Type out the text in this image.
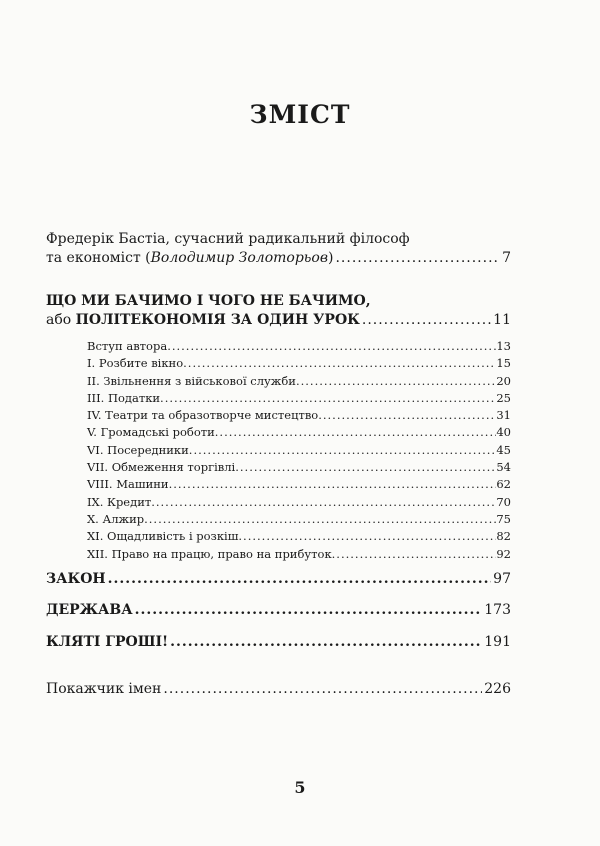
ЗМІСТ
Фредерік Бастіа, сучасний радикальний філософ
та економіст (Володимир Золоторьов) .....	7
ЩО МИ БАЧИМО І ЧОГО НЕ БАЧИМО,
або ПОЛІТЕКОНОМІЯ ЗА ОДИН УРОК .....	11
Вступ автора .....	13
I. Розбите вікно .....	15
II. Звільнення з військової служби .....	20
III. Податки .....	25
IV. Театри та образотворче мистецтво .....	31
V. Громадські роботи .....	40
VI. Посередники .....	45
VII. Обмеження торгівлі .....	54
VIII. Машини .....	62
IX. Кредит .....	70
X. Алжир .....	75
XI. Ощадливість і розкіш .....	82
XII. Право на працю, право на прибуток .....	92
ЗАКОН .....	97
ДЕРЖАВА .....	173
КЛЯТІ ГРОШІ! .....	191
Покажчик імен .....	226
5
